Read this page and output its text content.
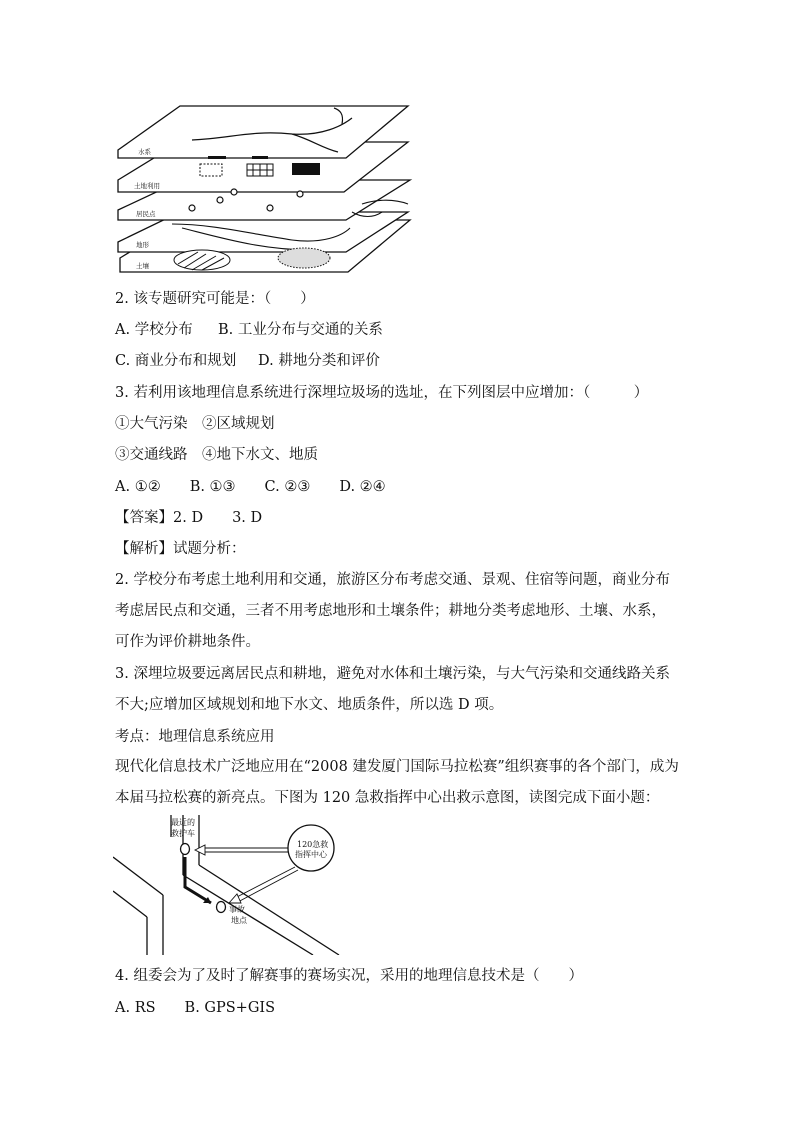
水系
土地利用
居民点
地形
土壤
2. 该专题研究可能是：（　　）
A. 学校分布 B. 工业分布与交通的关系
C. 商业分布和规划 D. 耕地分类和评价
3. 若利用该地理信息系统进行深埋垃圾场的选址，在下列图层中应增加：（　　　）
①大气污染　②区域规划
③交通线路　④地下水文、地质
A. ①②　　B. ①③　　C. ②③　　D. ②④
【答案】2. D　　3. D
【解析】试题分析：
2. 学校分布考虑土地利用和交通，旅游区分布考虑交通、景观、住宿等问题，商业分布考虑居民点和交通，三者不用考虑地形和土壤条件；耕地分类考虑地形、土壤、水系，可作为评价耕地条件。
3. 深埋垃圾要远离居民点和耕地，避免对水体和土壤污染，与大气污染和交通线路关系不大;应增加区域规划和地下水文、地质条件，所以选 D 项。
考点：地理信息系统应用
现代化信息技术广泛地应用在“2008 建发厦门国际马拉松赛”组织赛事的各个部门，成为本届马拉松赛的新亮点。下图为 120 急救指挥中心出救示意图，读图完成下面小题：
最近的
救护车
120急救
指挥中心
事故
地点
4. 组委会为了及时了解赛事的赛场实况，采用的地理信息技术是（　　）
A. RS　　B. GPS+GIS
